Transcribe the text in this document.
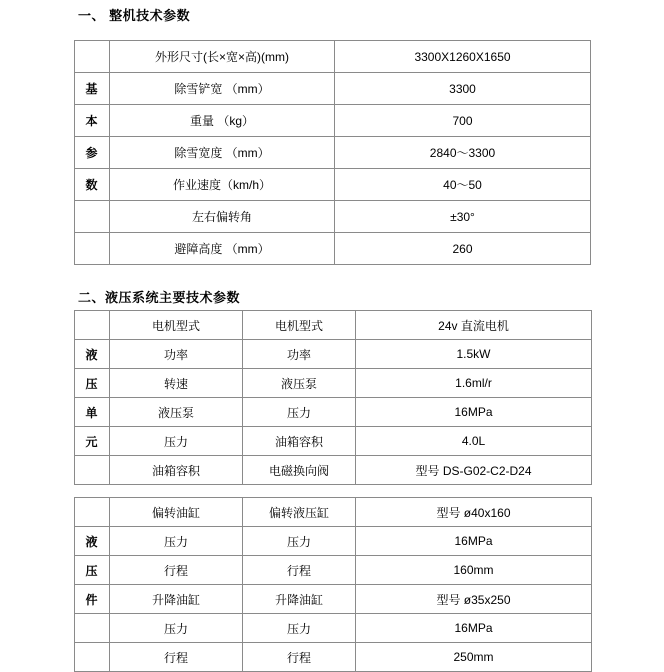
一、 整机技术参数
	外形尺寸(长×宽×高)(mm)	3300X1260X1650
基	除雪铲宽 （mm）	3300
本	重量 （kg）	700
参	除雪宽度 （mm）	2840～3300
数	作业速度（km/h）	40～50
	左右偏转角	±30°
	避障高度 （mm）	260
二、液压系统主要技术参数
	电机型式	电机型式	24v 直流电机
液	功率	功率	1.5kW
压	转速	液压泵	1.6ml/r
单	液压泵	压力	16MPa
元	压力	油箱容积	4.0L
	油箱容积	电磁换向阀	型号 DS-G02-C2-D24

	偏转油缸	偏转液压缸	型号 ø40x160
液	压力	压力	16MPa
压	行程	行程	160mm
件	升降油缸	升降油缸	型号 ø35x250
	压力	压力	16MPa
	行程	行程	250mm
